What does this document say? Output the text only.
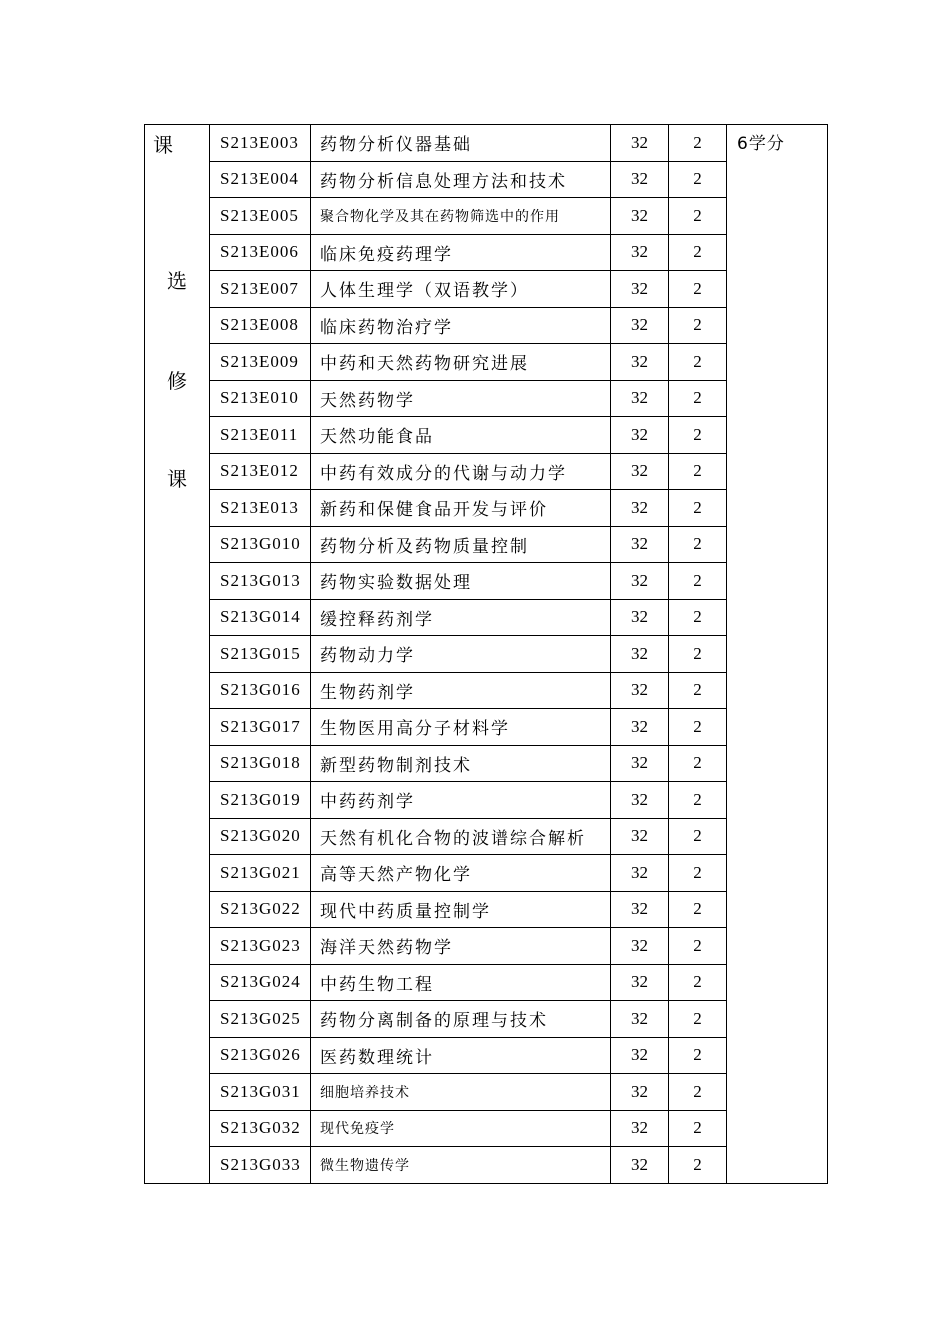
课
选
修
课	S213E003	药物分析仪器基础	32	2	6学分
	S213E004	药物分析信息处理方法和技术	32	2	
	S213E005	聚合物化学及其在药物筛选中的作用	32	2	
	S213E006	临床免疫药理学	32	2	
	S213E007	人体生理学（双语教学）	32	2	
	S213E008	临床药物治疗学	32	2	
	S213E009	中药和天然药物研究进展	32	2	
	S213E010	天然药物学	32	2	
	S213E011	天然功能食品	32	2	
	S213E012	中药有效成分的代谢与动力学	32	2	
	S213E013	新药和保健食品开发与评价	32	2	
	S213G010	药物分析及药物质量控制	32	2	
	S213G013	药物实验数据处理	32	2	
	S213G014	缓控释药剂学	32	2	
	S213G015	药物动力学	32	2	
	S213G016	生物药剂学	32	2	
	S213G017	生物医用高分子材料学	32	2	
	S213G018	新型药物制剂技术	32	2	
	S213G019	中药药剂学	32	2	
	S213G020	天然有机化合物的波谱综合解析	32	2	
	S213G021	高等天然产物化学	32	2	
	S213G022	现代中药质量控制学	32	2	
	S213G023	海洋天然药物学	32	2	
	S213G024	中药生物工程	32	2	
	S213G025	药物分离制备的原理与技术	32	2	
	S213G026	医药数理统计	32	2	
	S213G031	细胞培养技术	32	2	
	S213G032	现代免疫学	32	2	
	S213G033	微生物遗传学	32	2	
